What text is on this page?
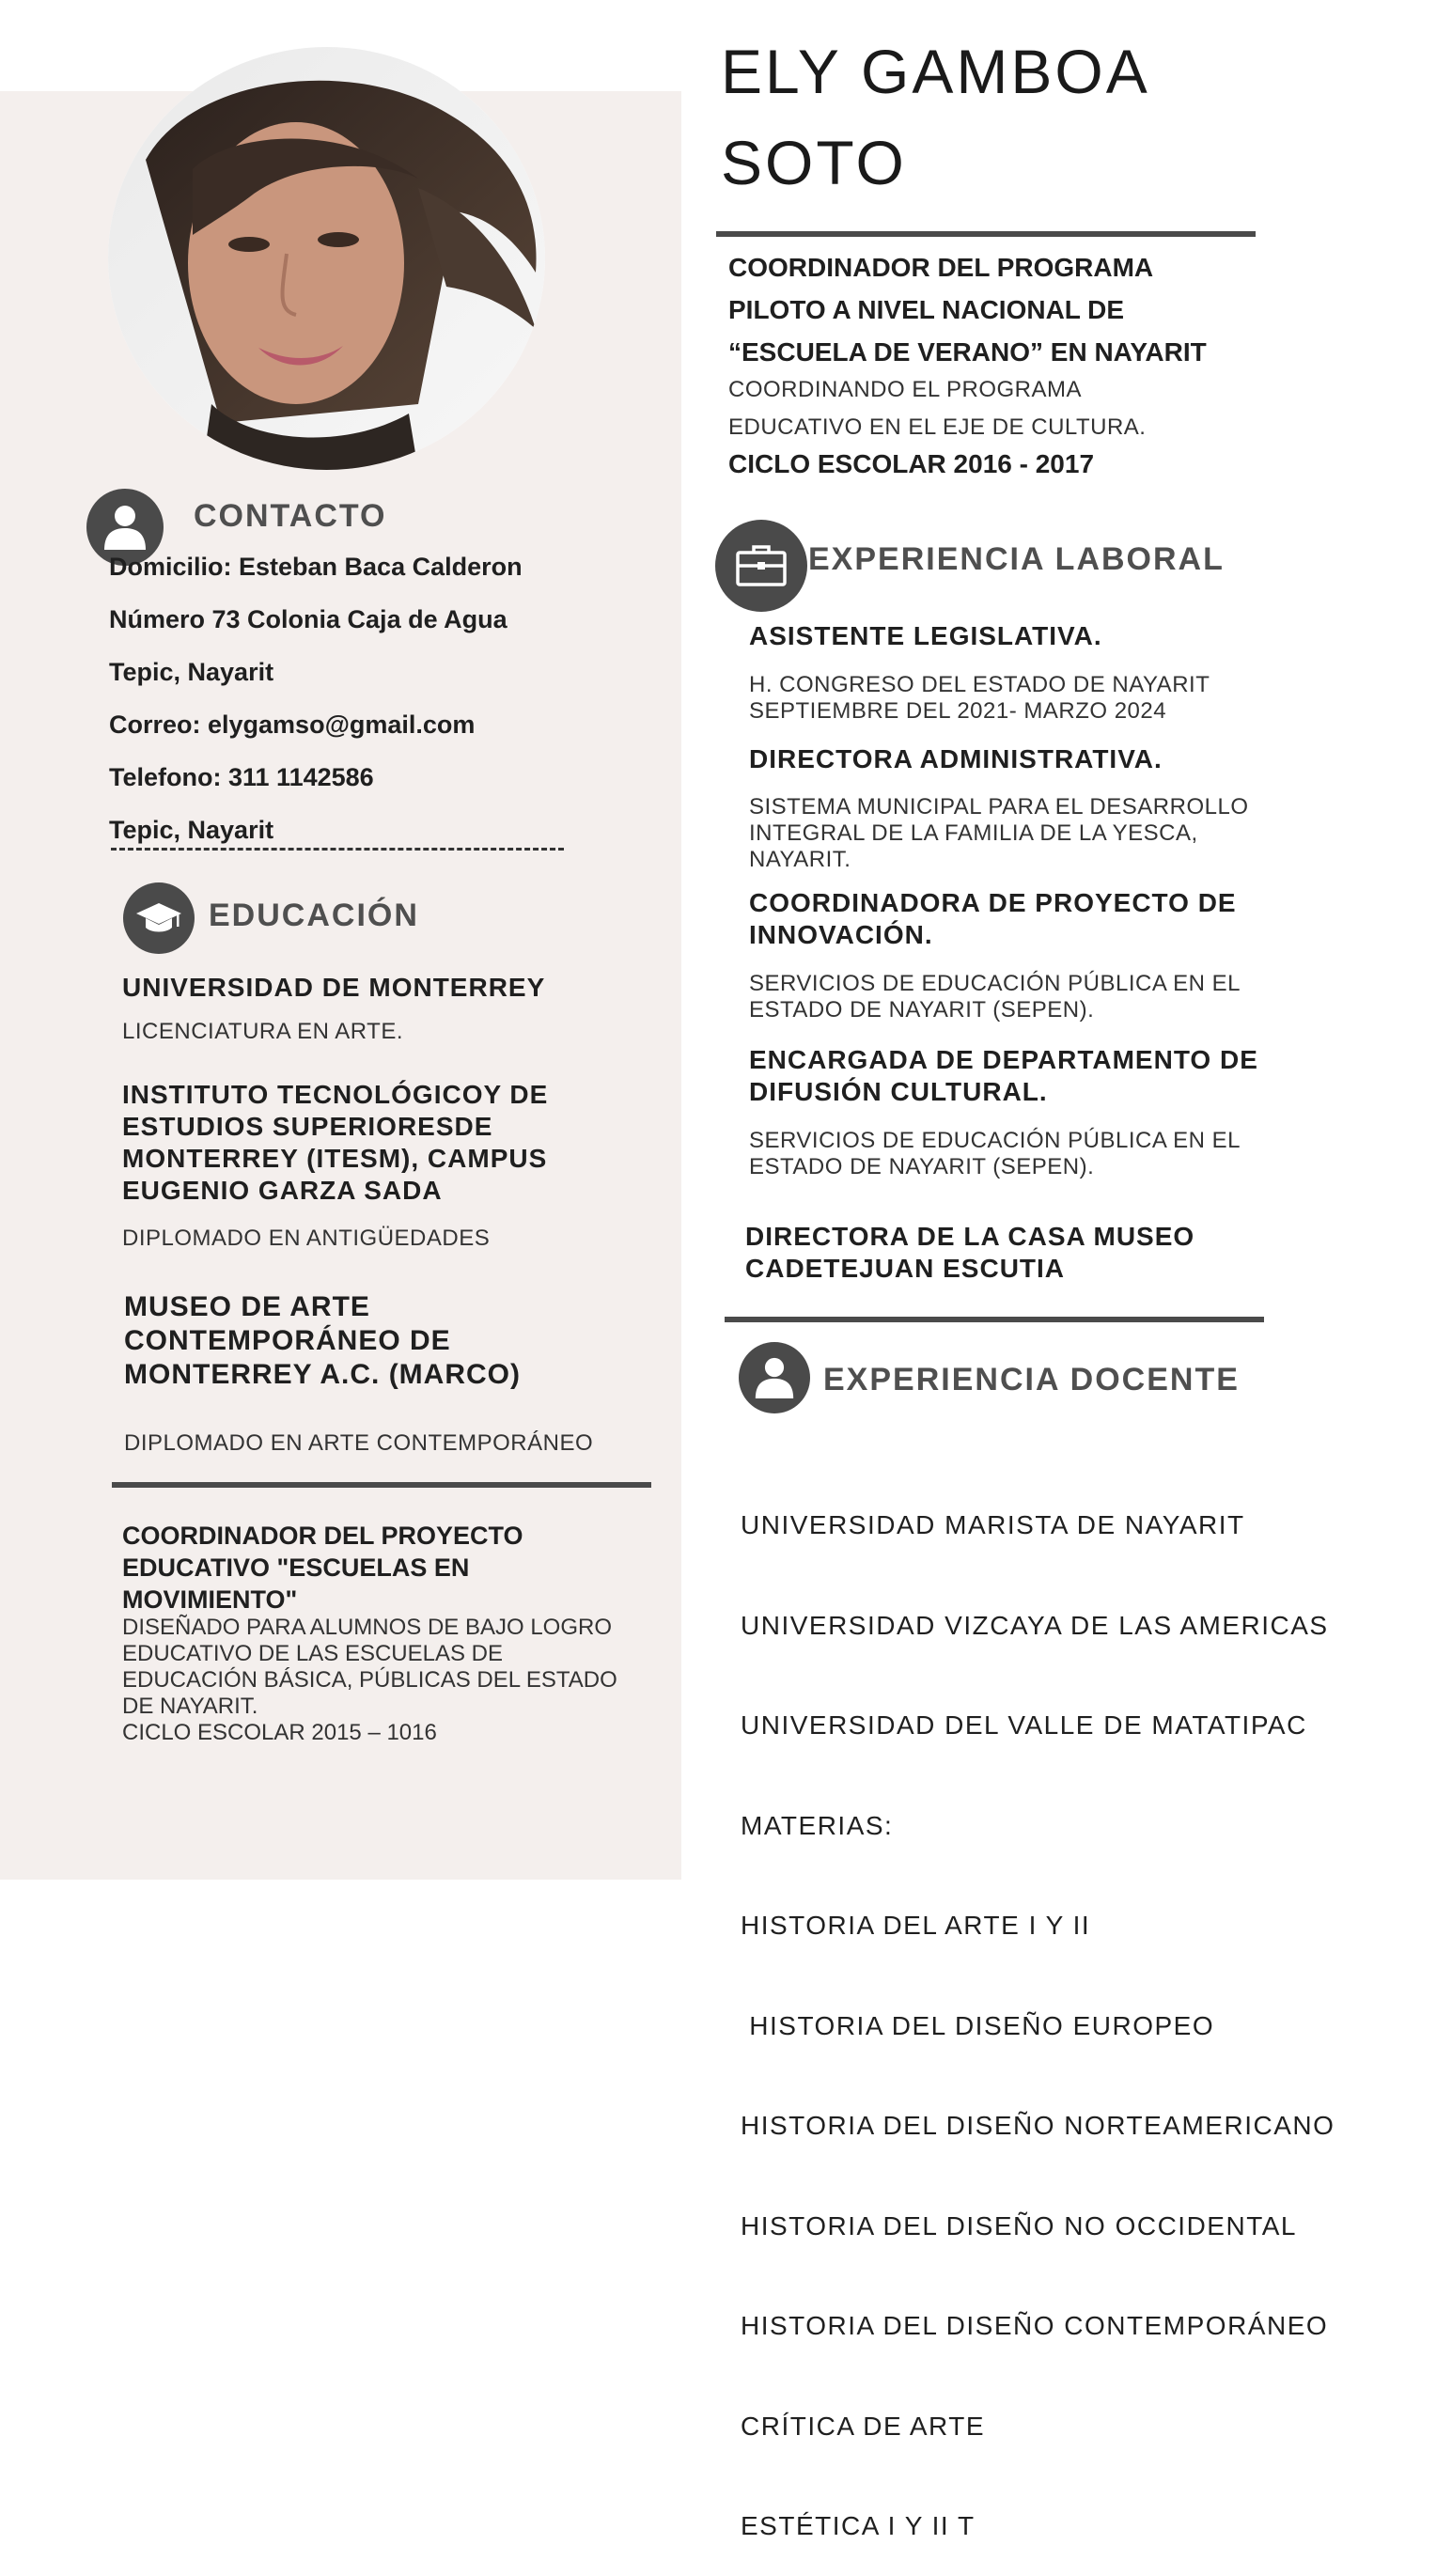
ELY GAMBOA
SOTO
COORDINADOR DEL PROGRAMA
PILOTO A NIVEL NACIONAL DE
“ESCUELA DE VERANO” EN NAYARIT
COORDINANDO EL PROGRAMA
EDUCATIVO EN EL EJE DE CULTURA.
CICLO ESCOLAR 2016 - 2017
CONTACTO
Domicilio: Esteban Baca Calderon
Número 73 Colonia Caja de Agua
Tepic, Nayarit
Correo: elygamso@gmail.com
Telefono: 311 1142586
Tepic, Nayarit
EDUCACIÓN
UNIVERSIDAD DE MONTERREY
LICENCIATURA EN ARTE.
INSTITUTO TECNOLÓGICOY DE
ESTUDIOS SUPERIORESDE
MONTERREY (ITESM), CAMPUS
EUGENIO GARZA SADA
DIPLOMADO EN ANTIGÜEDADES
MUSEO DE ARTE
CONTEMPORÁNEO DE
MONTERREY A.C. (MARCO)
DIPLOMADO EN ARTE CONTEMPORÁNEO
COORDINADOR DEL PROYECTO
EDUCATIVO "ESCUELAS EN
MOVIMIENTO"
DISEÑADO PARA ALUMNOS DE BAJO LOGRO
EDUCATIVO DE LAS ESCUELAS DE
EDUCACIÓN BÁSICA, PÚBLICAS DEL ESTADO
DE NAYARIT.
CICLO ESCOLAR 2015 – 1016
EXPERIENCIA LABORAL
ASISTENTE LEGISLATIVA.
H. CONGRESO DEL ESTADO DE NAYARIT
SEPTIEMBRE DEL 2021- MARZO 2024
DIRECTORA ADMINISTRATIVA.
SISTEMA MUNICIPAL PARA EL DESARROLLO
INTEGRAL DE LA FAMILIA DE LA YESCA,
NAYARIT.
COORDINADORA DE PROYECTO DE
INNOVACIÓN.
SERVICIOS DE EDUCACIÓN PÚBLICA EN EL
ESTADO DE NAYARIT (SEPEN).
ENCARGADA DE DEPARTAMENTO DE
DIFUSIÓN CULTURAL.
SERVICIOS DE EDUCACIÓN PÚBLICA EN EL
ESTADO DE NAYARIT (SEPEN).
DIRECTORA DE LA CASA MUSEO
CADETEJUAN ESCUTIA
EXPERIENCIA DOCENTE

UNIVERSIDAD MARISTA DE NAYARIT

UNIVERSIDAD VIZCAYA DE LAS AMERICAS

UNIVERSIDAD DEL VALLE DE MATATIPAC

MATERIAS:

HISTORIA DEL ARTE I Y II

HISTORIA DEL DISEÑO EUROPEO

HISTORIA DEL DISEÑO NORTEAMERICANO

HISTORIA DEL DISEÑO NO OCCIDENTAL

HISTORIA DEL DISEÑO CONTEMPORÁNEO

CRÍTICA DE ARTE

ESTÉTICA I Y II T
